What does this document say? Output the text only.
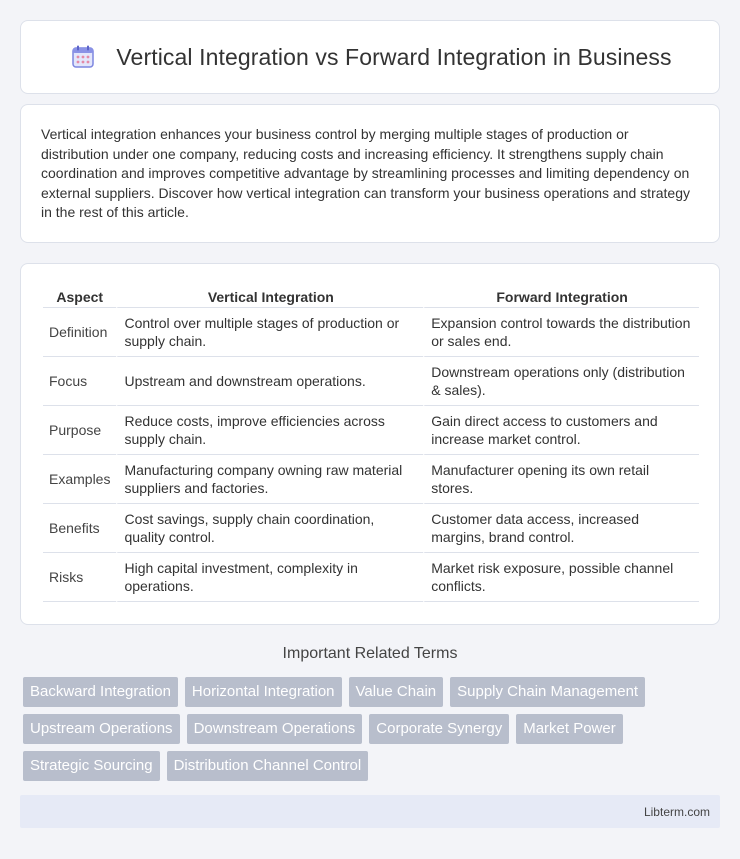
Vertical Integration vs Forward Integration in Business

Vertical integration enhances your business control by merging multiple stages of production or distribution under one company, reducing costs and increasing efficiency. It strengthens supply chain coordination and improves competitive advantage by streamlining processes and limiting dependency on external suppliers. Discover how vertical integration can transform your business operations and strategy in the rest of this article.

Aspect	Vertical Integration	Forward Integration
Definition	Control over multiple stages of production or supply chain.	Expansion control towards the distribution or sales end.
Focus	Upstream and downstream operations.	Downstream operations only (distribution & sales).
Purpose	Reduce costs, improve efficiencies across supply chain.	Gain direct access to customers and increase market control.
Examples	Manufacturing company owning raw material suppliers and factories.	Manufacturer opening its own retail stores.
Benefits	Cost savings, supply chain coordination, quality control.	Customer data access, increased margins, brand control.
Risks	High capital investment, complexity in operations.	Market risk exposure, possible channel conflicts.
Important Related Terms
Backward Integration	Horizontal Integration	Value Chain	Supply Chain Management
Upstream Operations	Downstream Operations	Corporate Synergy	Market Power
Strategic Sourcing	Distribution Channel Control
Libterm.com
